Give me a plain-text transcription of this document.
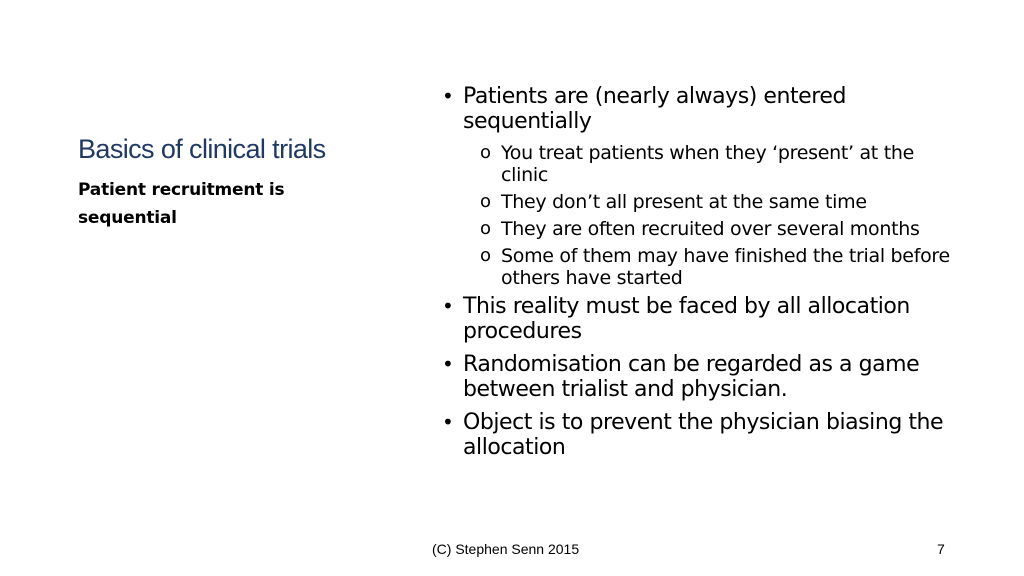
Basics of clinical trials
Patient recruitment is sequential
• Patients are (nearly always) entered sequentially
o You treat patients when they ‘present’ at the clinic
o They don’t all present at the same time
o They are often recruited over several months
o Some of them may have finished the trial before others have started
• This reality must be faced by all allocation procedures
• Randomisation can be regarded as a game between trialist and physician.
• Object is to prevent the physician biasing the allocation
(C) Stephen Senn 2015	7
